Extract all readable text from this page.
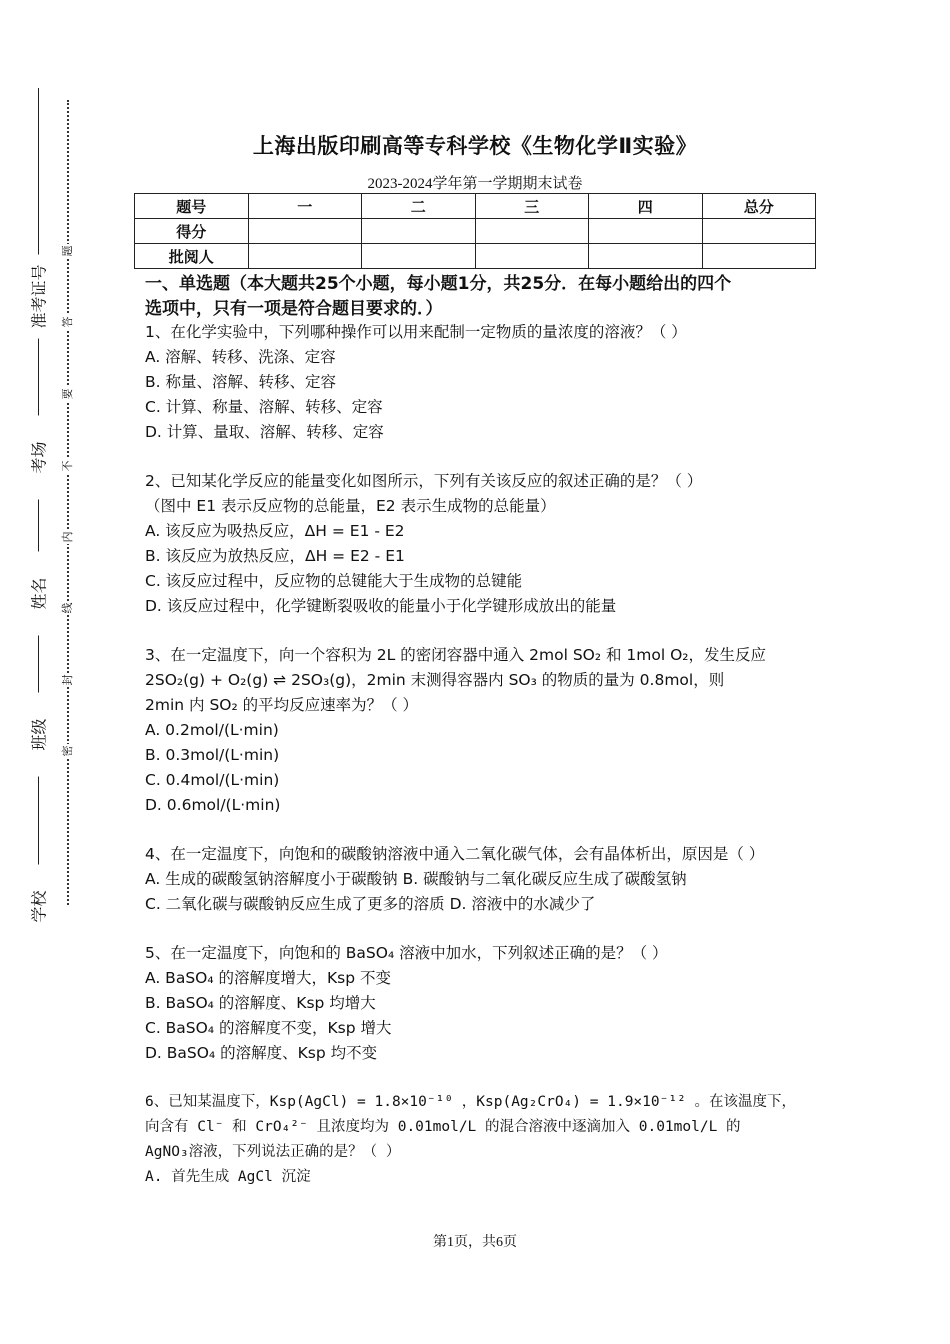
准考证号
考场
姓名
班级
学校
题
答
要
不
内
线
封
密
上海出版印刷高等专科学校《生物化学Ⅱ实验》
2023-2024学年第一学期期末试卷
题号	一	二	三	四	总分
得分					
批阅人					
一、单选题（本大题共25个小题，每小题1分，共25分．在每小题给出的四个
选项中，只有一项是符合题目要求的．）
1、在化学实验中，下列哪种操作可以用来配制一定物质的量浓度的溶液？（ ）
A. 溶解、转移、洗涤、定容
B. 称量、溶解、转移、定容
C. 计算、称量、溶解、转移、定容
D. 计算、量取、溶解、转移、定容
2、已知某化学反应的能量变化如图所示，下列有关该反应的叙述正确的是？（ ）
（图中 E1 表示反应物的总能量，E2 表示生成物的总能量）
A. 该反应为吸热反应，ΔH = E1 - E2
B. 该反应为放热反应，ΔH = E2 - E1
C. 该反应过程中，反应物的总键能大于生成物的总键能
D. 该反应过程中，化学键断裂吸收的能量小于化学键形成放出的能量
3、在一定温度下，向一个容积为 2L 的密闭容器中通入 2mol SO₂ 和 1mol O₂，发生反应
2SO₂(g) + O₂(g) ⇌ 2SO₃(g)，2min 末测得容器内 SO₃ 的物质的量为 0.8mol，则
2min 内 SO₂ 的平均反应速率为？（ ）
A. 0.2mol/(L·min)
B. 0.3mol/(L·min)
C. 0.4mol/(L·min)
D. 0.6mol/(L·min)
4、在一定温度下，向饱和的碳酸钠溶液中通入二氧化碳气体，会有晶体析出，原因是（ ）
A. 生成的碳酸氢钠溶解度小于碳酸钠 B. 碳酸钠与二氧化碳反应生成了碳酸氢钠
C. 二氧化碳与碳酸钠反应生成了更多的溶质 D. 溶液中的水减少了
5、在一定温度下，向饱和的 BaSO₄ 溶液中加水，下列叙述正确的是？（ ）
A. BaSO₄ 的溶解度增大，Ksp 不变
B. BaSO₄ 的溶解度、Ksp 均增大
C. BaSO₄ 的溶解度不变，Ksp 增大
D. BaSO₄ 的溶解度、Ksp 均不变
6、已知某温度下，Ksp(AgCl) = 1.8×10⁻¹⁰ ，Ksp(Ag₂CrO₄) = 1.9×10⁻¹² 。在该温度下，
向含有 Cl⁻ 和 CrO₄²⁻ 且浓度均为 0.01mol/L 的混合溶液中逐滴加入 0.01mol/L 的
AgNO₃溶液，下列说法正确的是？（ ）
A. 首先生成 AgCl 沉淀
第1页，共6页
